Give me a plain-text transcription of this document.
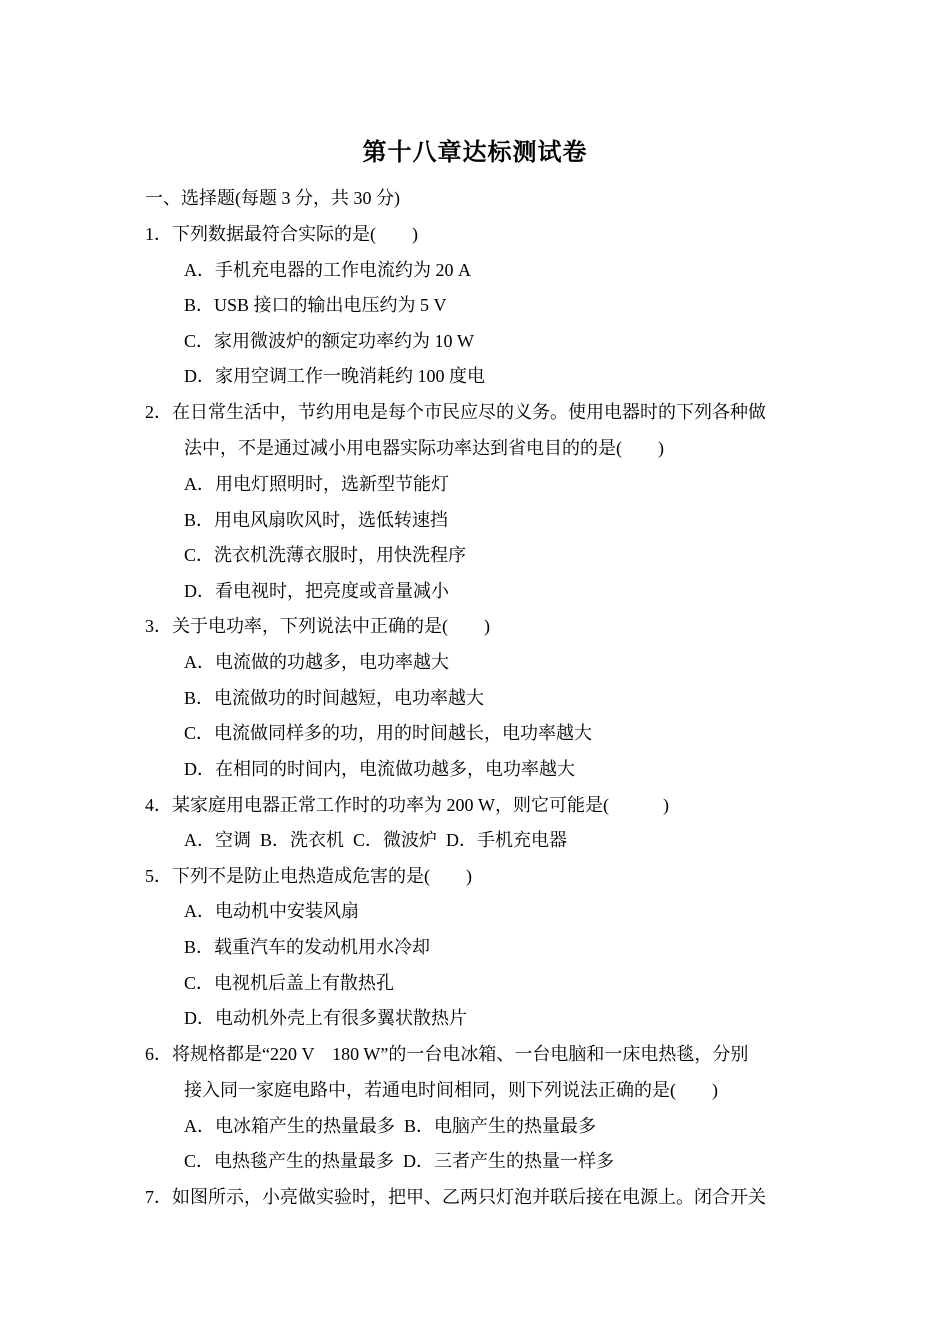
第十八章达标测试卷
一、选择题(每题 3 分，共 30 分)
1．下列数据最符合实际的是(　　)
A．手机充电器的工作电流约为 20 A
B．USB 接口的输出电压约为 5 V
C．家用微波炉的额定功率约为 10 W
D．家用空调工作一晚消耗约 100 度电
2．在日常生活中，节约用电是每个市民应尽的义务。使用电器时的下列各种做
法中，不是通过减小用电器实际功率达到省电目的的是(　　)
A．用电灯照明时，选新型节能灯
B．用电风扇吹风时，选低转速挡
C．洗衣机洗薄衣服时，用快洗程序
D．看电视时，把亮度或音量减小
3．关于电功率，下列说法中正确的是(　　)
A．电流做的功越多，电功率越大
B．电流做功的时间越短，电功率越大
C．电流做同样多的功，用的时间越长，电功率越大
D．在相同的时间内，电流做功越多，电功率越大
4．某家庭用电器正常工作时的功率为 200 W，则它可能是(　　　)
A．空调  B．洗衣机  C．微波炉  D．手机充电器
5．下列不是防止电热造成危害的是(　　)
A．电动机中安装风扇
B．载重汽车的发动机用水冷却
C．电视机后盖上有散热孔
D．电动机外壳上有很多翼状散热片
6．将规格都是“220 V　180 W”的一台电冰箱、一台电脑和一床电热毯，分别
接入同一家庭电路中，若通电时间相同，则下列说法正确的是(　　)
A．电冰箱产生的热量最多  B．电脑产生的热量最多
C．电热毯产生的热量最多  D．三者产生的热量一样多
7．如图所示，小亮做实验时，把甲、乙两只灯泡并联后接在电源上。闭合开关
